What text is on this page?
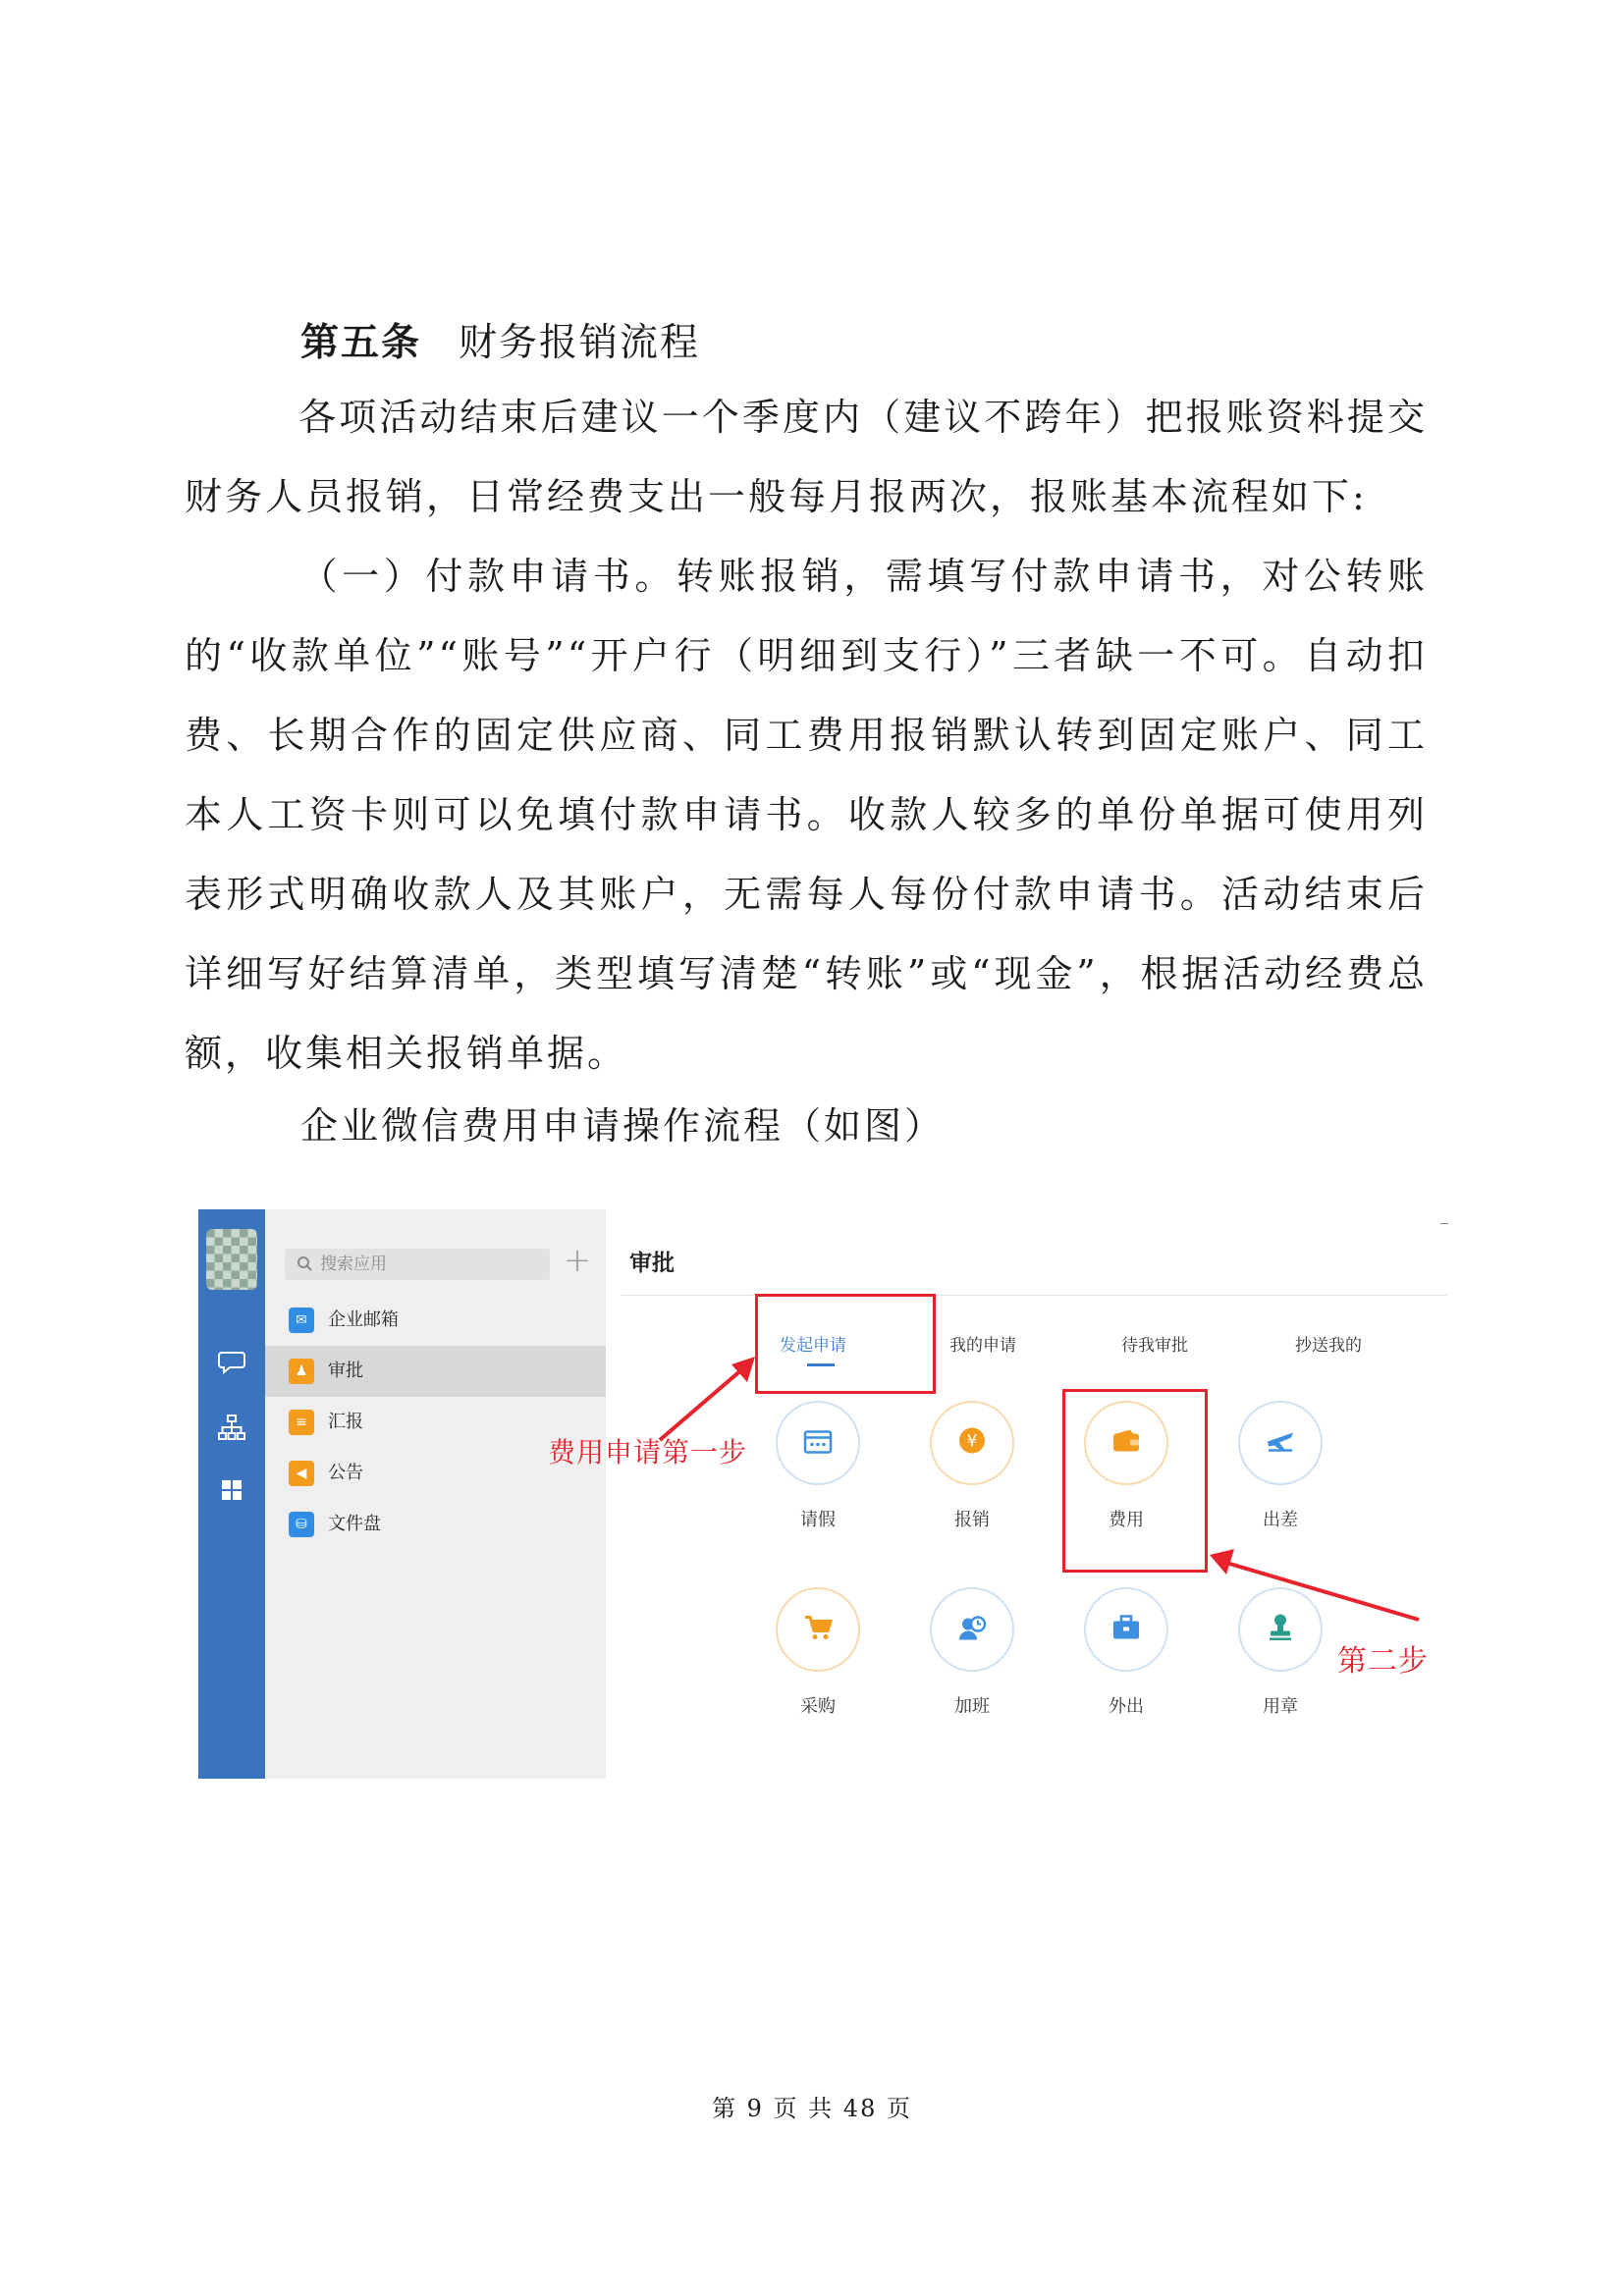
第五条 财务报销流程
各项活动结束后建议一个季度内（建议不跨年）把报账资料提交财务人员报销，日常经费支出一般每月报两次，报账基本流程如下:
（一）付款申请书。转账报销，需填写付款申请书，对公转账的“收款单位”“账号”“开户行（明细到支行）”三者缺一不可。自动扣费、长期合作的固定供应商、同工费用报销默认转到固定账户、同工本人工资卡则可以免填付款申请书。收款人较多的单份单据可使用列表形式明确收款人及其账户，无需每人每份付款申请书。活动结束后详细写好结算清单，类型填写清楚“转账”或“现金”，根据活动经费总额，收集相关报销单据。
企业微信费用申请操作流程（如图）
搜索应用	+
✉	企业邮箱
♟	审批
≡	汇报
◀	公告
⛁	文件盘
审批
发起申请	我的申请	待我审批	抄送我的
请假
¥
报销	费用	出差
采购	加班	外出	用章
费用申请第一步
第二步
第 9 页 共 48 页
